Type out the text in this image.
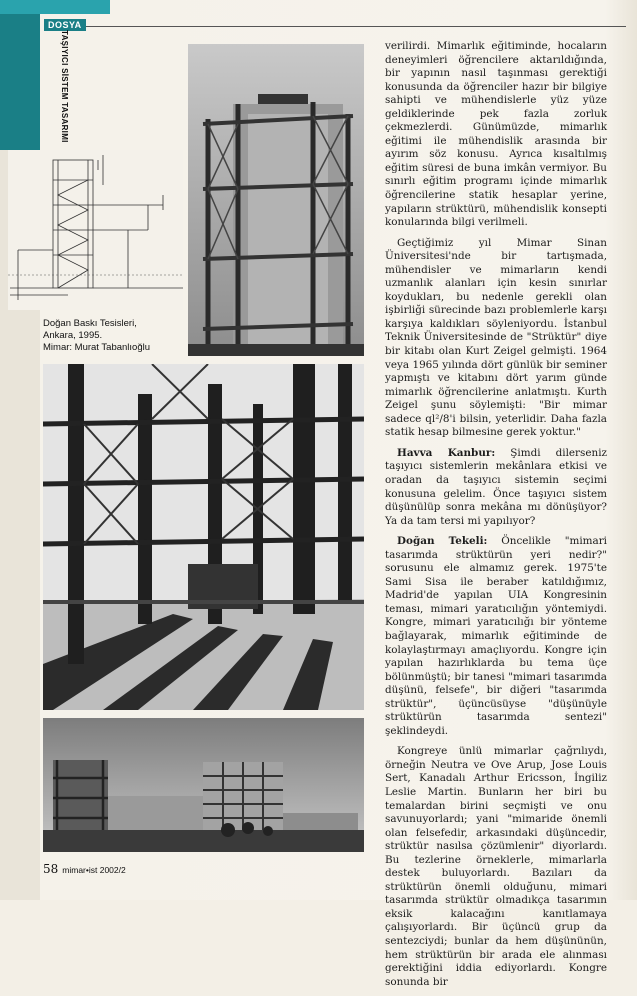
DOSYA
TAŞIYICI SİSTEM TASARIMI
Doğan Baskı Tesisleri,
Ankara, 1995.
Mimar: Murat Tabanlıoğlu

verilirdi. Mimarlık eğitiminde, hocaların deneyimleri öğrencilere aktarıldığında, bir yapının nasıl taşınması gerektiği konusunda da öğrenciler hazır bir bilgiye sahipti ve mühendislerle yüz yüze geldiklerinde pek fazla zorluk çekmezlerdi. Günümüzde, mimarlık eğitimi ile mühendislik arasında bir ayırım söz konusu. Ayrıca kısaltılmış eğitim süresi de buna imkân vermiyor. Bu sınırlı eğitim programı içinde mimarlık öğrencilerine statik hesaplar yerine, yapıların strüktürü, mühendislik konsepti konularında bilgi verilmeli.

Geçtiğimiz yıl Mimar Sinan Üniversitesi'nde bir tartışmada, mühendisler ve mimarların kendi uzmanlık alanları için kesin sınırlar koydukları, bu nedenle gerekli olan işbirliği sürecinde bazı problemlerle karşı karşıya kaldıkları söyleniyordu. İstanbul Teknik Üniversitesinde de "Strüktür" diye bir kitabı olan Kurt Zeigel gelmişti. 1964 veya 1965 yılında dört günlük bir seminer yapmıştı ve kitabını dört yarım günde mimarlık öğrencilerine anlatmıştı. Kurth Zeigel şunu söylemişti: "Bir mimar sadece ql²/8'i bilsin, yeterlidir. Daha fazla statik hesap bilmesine gerek yoktur."

Havva Kanbur: Şimdi dilerseniz taşıyıcı sistemlerin mekânlara etkisi ve oradan da taşıyıcı sistemin seçimi konusuna gelelim. Önce taşıyıcı sistem düşünülüp sonra mekâna mı dönüşüyor? Ya da tam tersi mi yapılıyor?

Doğan Tekeli: Öncelikle "mimari tasarımda strüktürün yeri nedir?" sorusunu ele almamız gerek. 1975'te Sami Sisa ile beraber katıldığımız, Madrid'de yapılan UIA Kongresinin teması, mimari yaratıcılığın yöntemiydi. Kongre, mimari yaratıcılığı bir yönteme bağlayarak, mimarlık eğitiminde de kolaylaştırmayı amaçlıyordu. Kongre için yapılan hazırlıklarda bu tema üçe bölünmüştü; bir tanesi "mimari tasarımda düşünü, felsefe", bir diğeri "tasarımda strüktür", üçüncüsüyse "düşünüyle strüktürün tasarımda sentezi" şeklindeydi.

Kongreye ünlü mimarlar çağrılıydı, örneğin Neutra ve Ove Arup, Jose Louis Sert, Kanadalı Arthur Ericsson, İngiliz Leslie Martin. Bunların her biri bu temalardan birini seçmişti ve onu savunuyorlardı; yani "mimaride önemli olan felsefedir, arkasındaki düşüncedir, strüktür nasılsa çözümlenir" diyorlardı. Bu tezlerine örneklerle, mimarlarla destek buluyorlardı. Bazıları da strüktürün önemli olduğunu, mimari tasarımda strüktür olmadıkça tasarımın eksik kalacağını kanıtlamaya çalışıyorlardı. Bir üçüncü grup da sentezciydi; bunlar da hem düşününün, hem strüktürün bir arada ele alınması gerektiğini iddia ediyorlardı. Kongre sonunda bir

58 mimar•ist 2002/2
